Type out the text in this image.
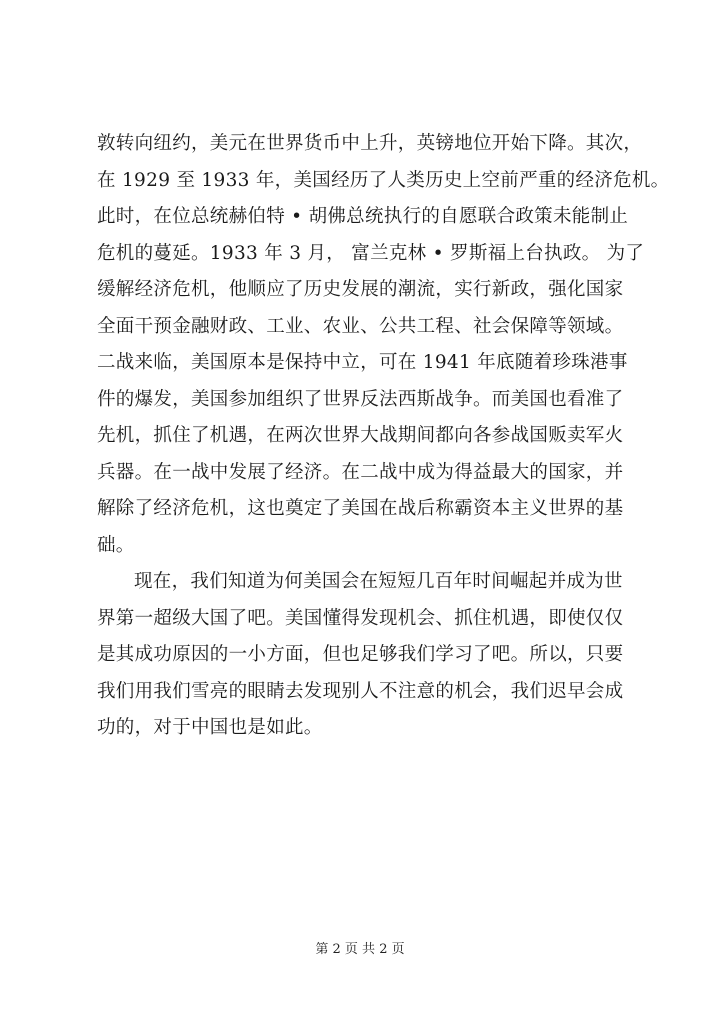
敦转向纽约，美元在世界货币中上升，英镑地位开始下降。其次，
在 1929 至 1933 年，美国经历了人类历史上空前严重的经济危机。
此时，在位总统赫伯特 • 胡佛总统执行的自愿联合政策未能制止
危机的蔓延。1933 年 3 月， 富兰克林 • 罗斯福上台执政。 为了
缓解经济危机，他顺应了历史发展的潮流，实行新政，强化国家
全面干预金融财政、工业、农业、公共工程、社会保障等领域。
二战来临，美国原本是保持中立，可在 1941 年底随着珍珠港事
件的爆发，美国参加组织了世界反法西斯战争。而美国也看准了
先机，抓住了机遇，在两次世界大战期间都向各参战国贩卖军火
兵器。在一战中发展了经济。在二战中成为得益最大的国家，并
解除了经济危机，这也奠定了美国在战后称霸资本主义世界的基
础。
现在，我们知道为何美国会在短短几百年时间崛起并成为世
界第一超级大国了吧。美国懂得发现机会、抓住机遇，即使仅仅
是其成功原因的一小方面，但也足够我们学习了吧。所以，只要
我们用我们雪亮的眼睛去发现别人不注意的机会，我们迟早会成
功的，对于中国也是如此。
第 2 页 共 2 页
